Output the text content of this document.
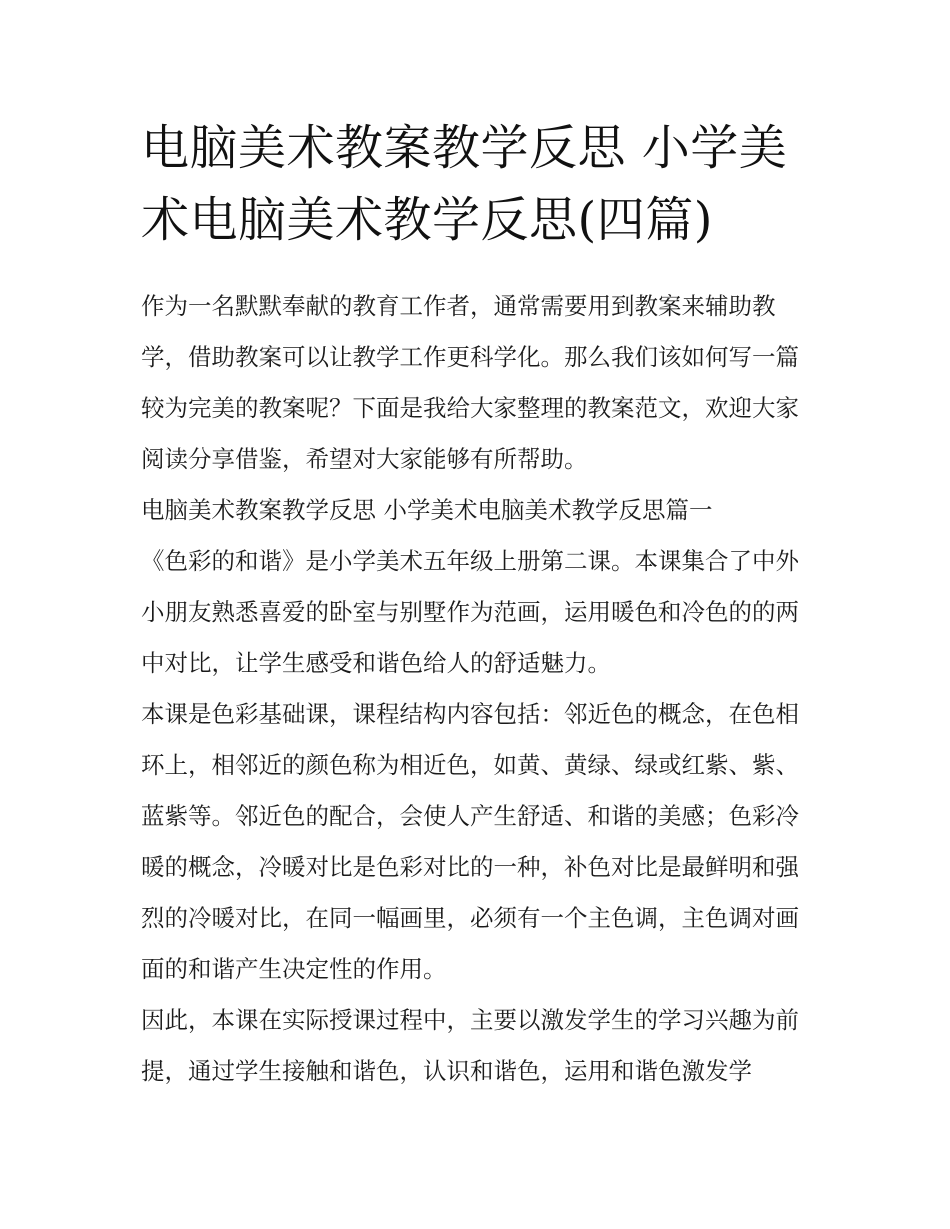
电脑美术教案教学反思 小学美术电脑美术教学反思(四篇)

作为一名默默奉献的教育工作者，通常需要用到教案来辅助教学，借助教案可以让教学工作更科学化。那么我们该如何写一篇较为完美的教案呢？下面是我给大家整理的教案范文，欢迎大家阅读分享借鉴，希望对大家能够有所帮助。

电脑美术教案教学反思 小学美术电脑美术教学反思篇一

《色彩的和谐》是小学美术五年级上册第二课。本课集合了中外小朋友熟悉喜爱的卧室与别墅作为范画，运用暖色和冷色的的两中对比，让学生感受和谐色给人的舒适魅力。

本课是色彩基础课，课程结构内容包括：邻近色的概念，在色相环上，相邻近的颜色称为相近色，如黄、黄绿、绿或红紫、紫、蓝紫等。邻近色的配合，会使人产生舒适、和谐的美感；色彩冷暖的概念，冷暖对比是色彩对比的一种，补色对比是最鲜明和强烈的冷暖对比，在同一幅画里，必须有一个主色调，主色调对画面的和谐产生决定性的作用。

因此，本课在实际授课过程中，主要以激发学生的学习兴趣为前提，通过学生接触和谐色，认识和谐色，运用和谐色激发学
